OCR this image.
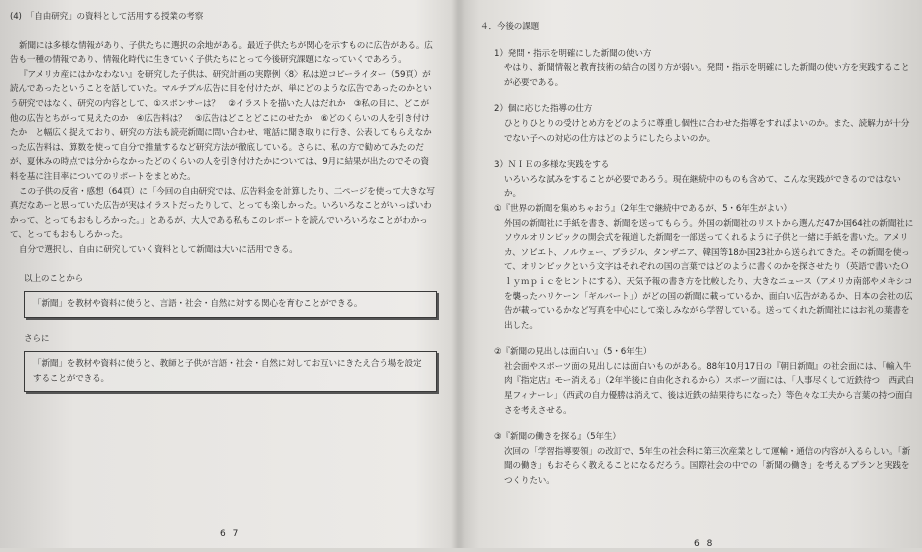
(4)　「自由研究」の資料として活用する授業の考察

新聞には多様な情報があり、子供たちに選択の余地がある。最近子供たちが関心を示すものに広告がある。広告も一種の情報であり、情報化時代に生きていく子供たちにとって今後研究課題になっていくであろう。

『アメリカ産にはかなわない』を研究した子供は、研究計画の実際例〈8〉私は逆コピーライター（59頁）が読んであったということを話していた。マルチプル広告に目を付けたが、単にどのような広告であったのかという研究ではなく、研究の内容として、①スポンサーは？　②イラストを描いた人はだれか　③私の目に、どこが他の広告とちがって見えたのか　④広告料は？　⑤広告はどことどこにのせたか　⑥どのくらいの人を引き付けたか　と幅広く捉えており、研究の方法も読売新聞に問い合わせ、電話に聞き取りに行き、公表してもらえなかった広告料は、算数を使って自分で推量するなど研究方法が徹底している。さらに、私の方で勧めてみたのだが、夏休みの時点では分からなかったどのくらいの人を引き付けたかについては、9月に結果が出たのでその資料を基に注目率についてのリポートをまとめた。

この子供の反省・感想（64頁）に「今回の自由研究では、広告料金を計算したり、二ページを使って大きな写真だなあーと思っていた広告が実はイラストだったりして、とっても楽しかった。いろいろなことがいっぱいわかって、とってもおもしろかった。」とあるが、大人である私もこのレポートを読んでいろいろなことがわかって、とってもおもしろかった。

自分で選択し、自由に研究していく資料として新聞は大いに活用できる。

以上のことから

「新聞」を教材や資料に使うと、言語・社会・自然に対する関心を育むことができる。

さらに

「新聞」を教材や資料に使うと、教師と子供が言語・社会・自然に対してお互いにきたえ合う場を設定することができる。
6 7

４．今後の課題

1）発問・指示を明確にした新聞の使い方

やはり、新聞情報と教育技術の結合の図り方が弱い。発問・指示を明確にした新聞の使い方を実践することが必要である。

2）個に応じた指導の仕方

ひとりひとりの受けとめ方をどのように尊重し個性に合わせた指導をすればよいのか。また、読解力が十分でない子への対応の仕方はどのようにしたらよいのか。

3）ＮＩＥの多様な実践をする

いろいろな試みをすることが必要であろう。現在継続中のものも含めて、こんな実践ができるのではないか。

①『世界の新聞を集めちゃおう』（2年生で継続中であるが、5・6年生がよい）

外国の新聞社に手紙を書き、新聞を送ってもらう。外国の新聞社のリストから選んだ47か国64社の新聞社にソウルオリンピックの開会式を報道した新聞を一部送ってくれるように子供と一緒に手紙を書いた。アメリカ、ソビエト、ノルウェー、ブラジル、タンザニア、韓国等18か国23社から送られてきた。その新聞を使って、オリンピックという文字はそれぞれの国の言葉ではどのように書くのかを探させたり（英語で書いたＯｌｙｍｐｉｃをヒントにする）、天気予報の書き方を比較したり、大きなニュース（アメリカ南部やメキシコを襲ったハリケーン「ギルバート」）がどの国の新聞に載っているか、面白い広告があるか、日本の会社の広告が載っているかなど写真を中心にして楽しみながら学習している。送ってくれた新聞社にはお礼の葉書を出した。

②『新聞の見出しは面白い』（5・6年生）

社会面やスポーツ面の見出しには面白いものがある。88年10月17日の『朝日新聞』の社会面には、「輸入牛肉『指定店』モー消える」（2年半後に自由化されるから）スポーツ面には、「人事尽くして近鉄待つ　西武白星フィナーレ」（西武の自力優勝は消えて、後は近鉄の結果待ちになった）等色々な工夫から言葉の持つ面白さを考えさせる。

③『新聞の働きを探る』（5年生）

次回の「学習指導要領」の改訂で、5年生の社会科に第三次産業として運輸・通信の内容が入るらしい。「新聞の働き」もおそらく教えることになるだろう。国際社会の中での「新聞の働き」を考えるプランと実践をつくりたい。

6 8
